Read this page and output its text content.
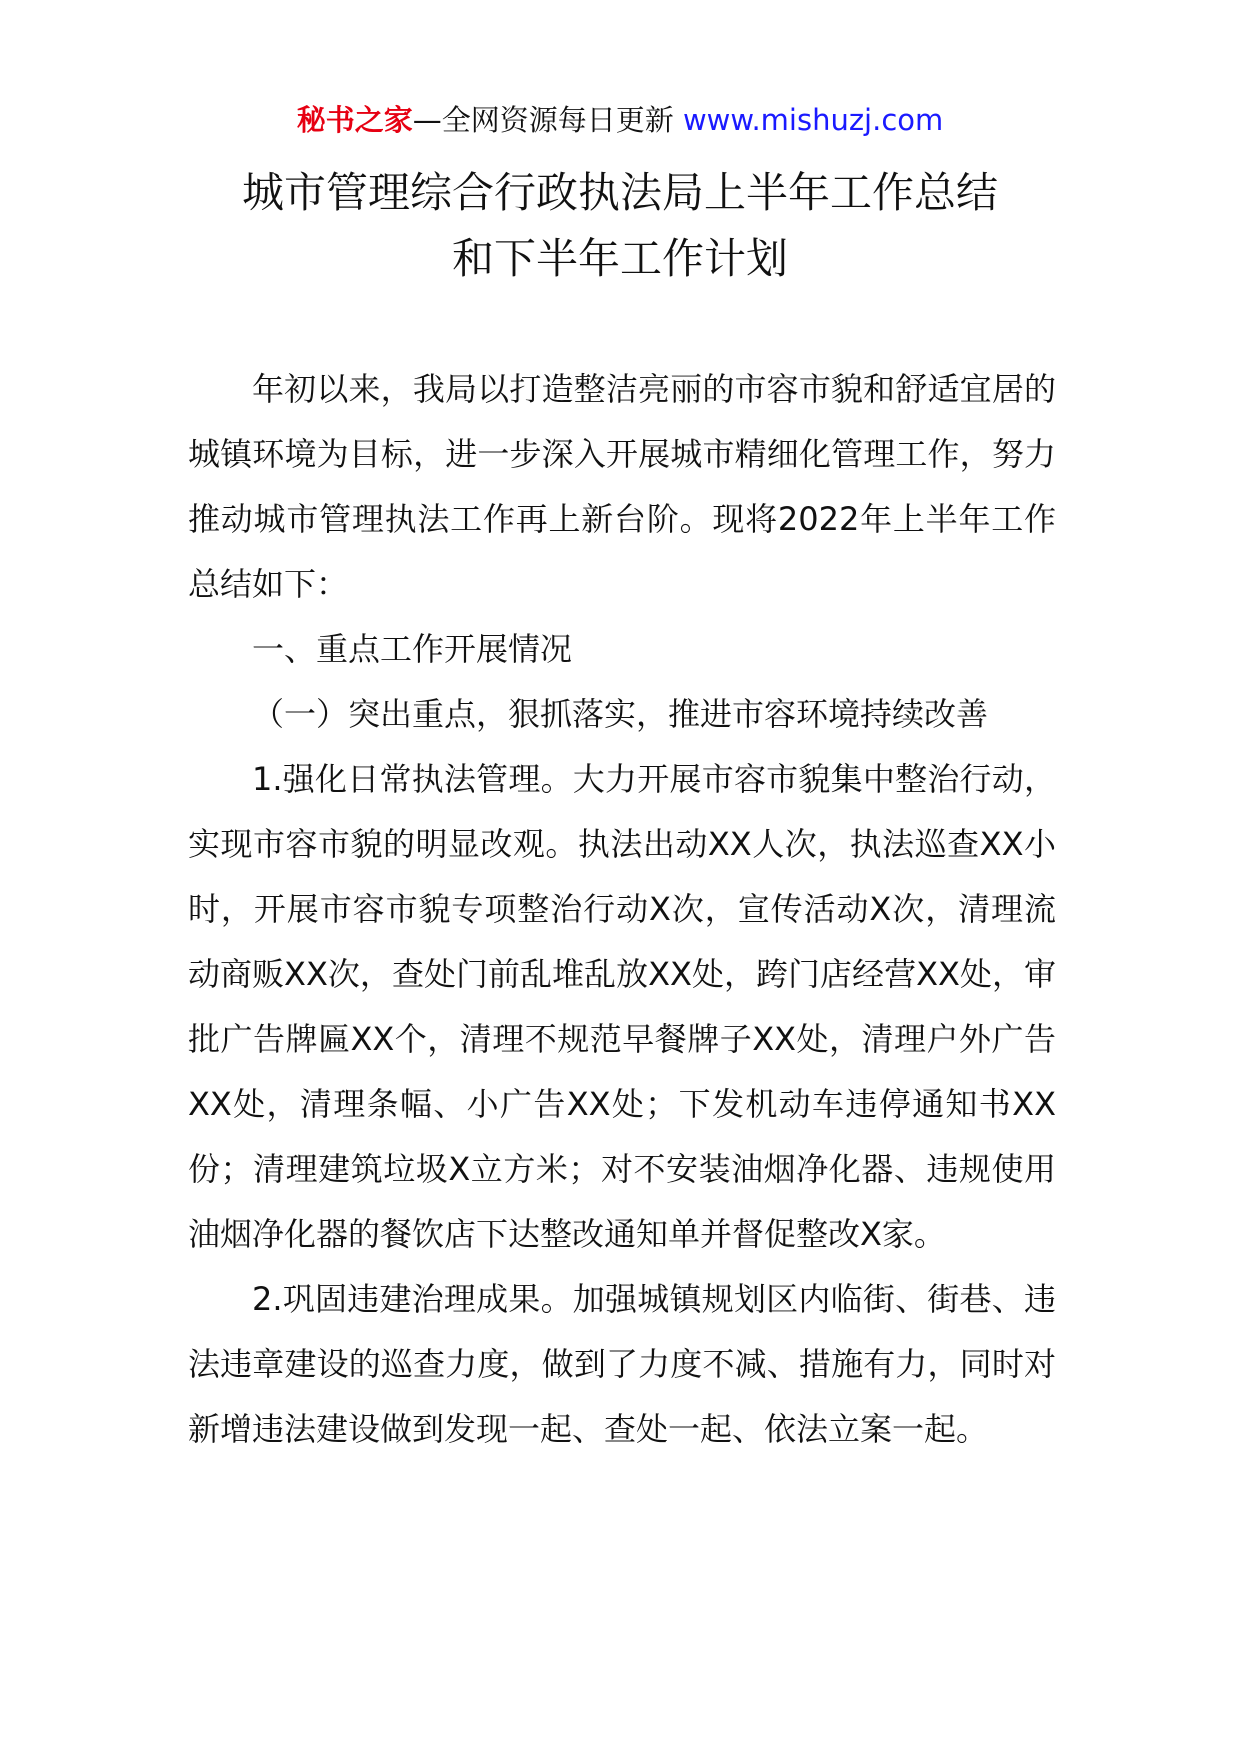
秘书之家—全网资源每日更新 www.mishuzj.com
城市管理综合行政执法局上半年工作总结
和下半年工作计划

年初以来，我局以打造整洁亮丽的市容市貌和舒适宜居的城镇环境为目标，进一步深入开展城市精细化管理工作，努力推动城市管理执法工作再上新台阶。现将2022年上半年工作总结如下：

一、重点工作开展情况

（一）突出重点，狠抓落实，推进市容环境持续改善

1.强化日常执法管理。大力开展市容市貌集中整治行动，实现市容市貌的明显改观。执法出动XX人次，执法巡查XX小时，开展市容市貌专项整治行动X次，宣传活动X次，清理流动商贩XX次，查处门前乱堆乱放XX处，跨门店经营XX处，审批广告牌匾XX个，清理不规范早餐牌子XX处，清理户外广告XX处，清理条幅、小广告XX处；下发机动车违停通知书XX份；清理建筑垃圾X立方米；对不安装油烟净化器、违规使用油烟净化器的餐饮店下达整改通知单并督促整改X家。

2.巩固违建治理成果。加强城镇规划区内临街、街巷、违法违章建设的巡查力度，做到了力度不减、措施有力，同时对新增违法建设做到发现一起、查处一起、依法立案一起。
